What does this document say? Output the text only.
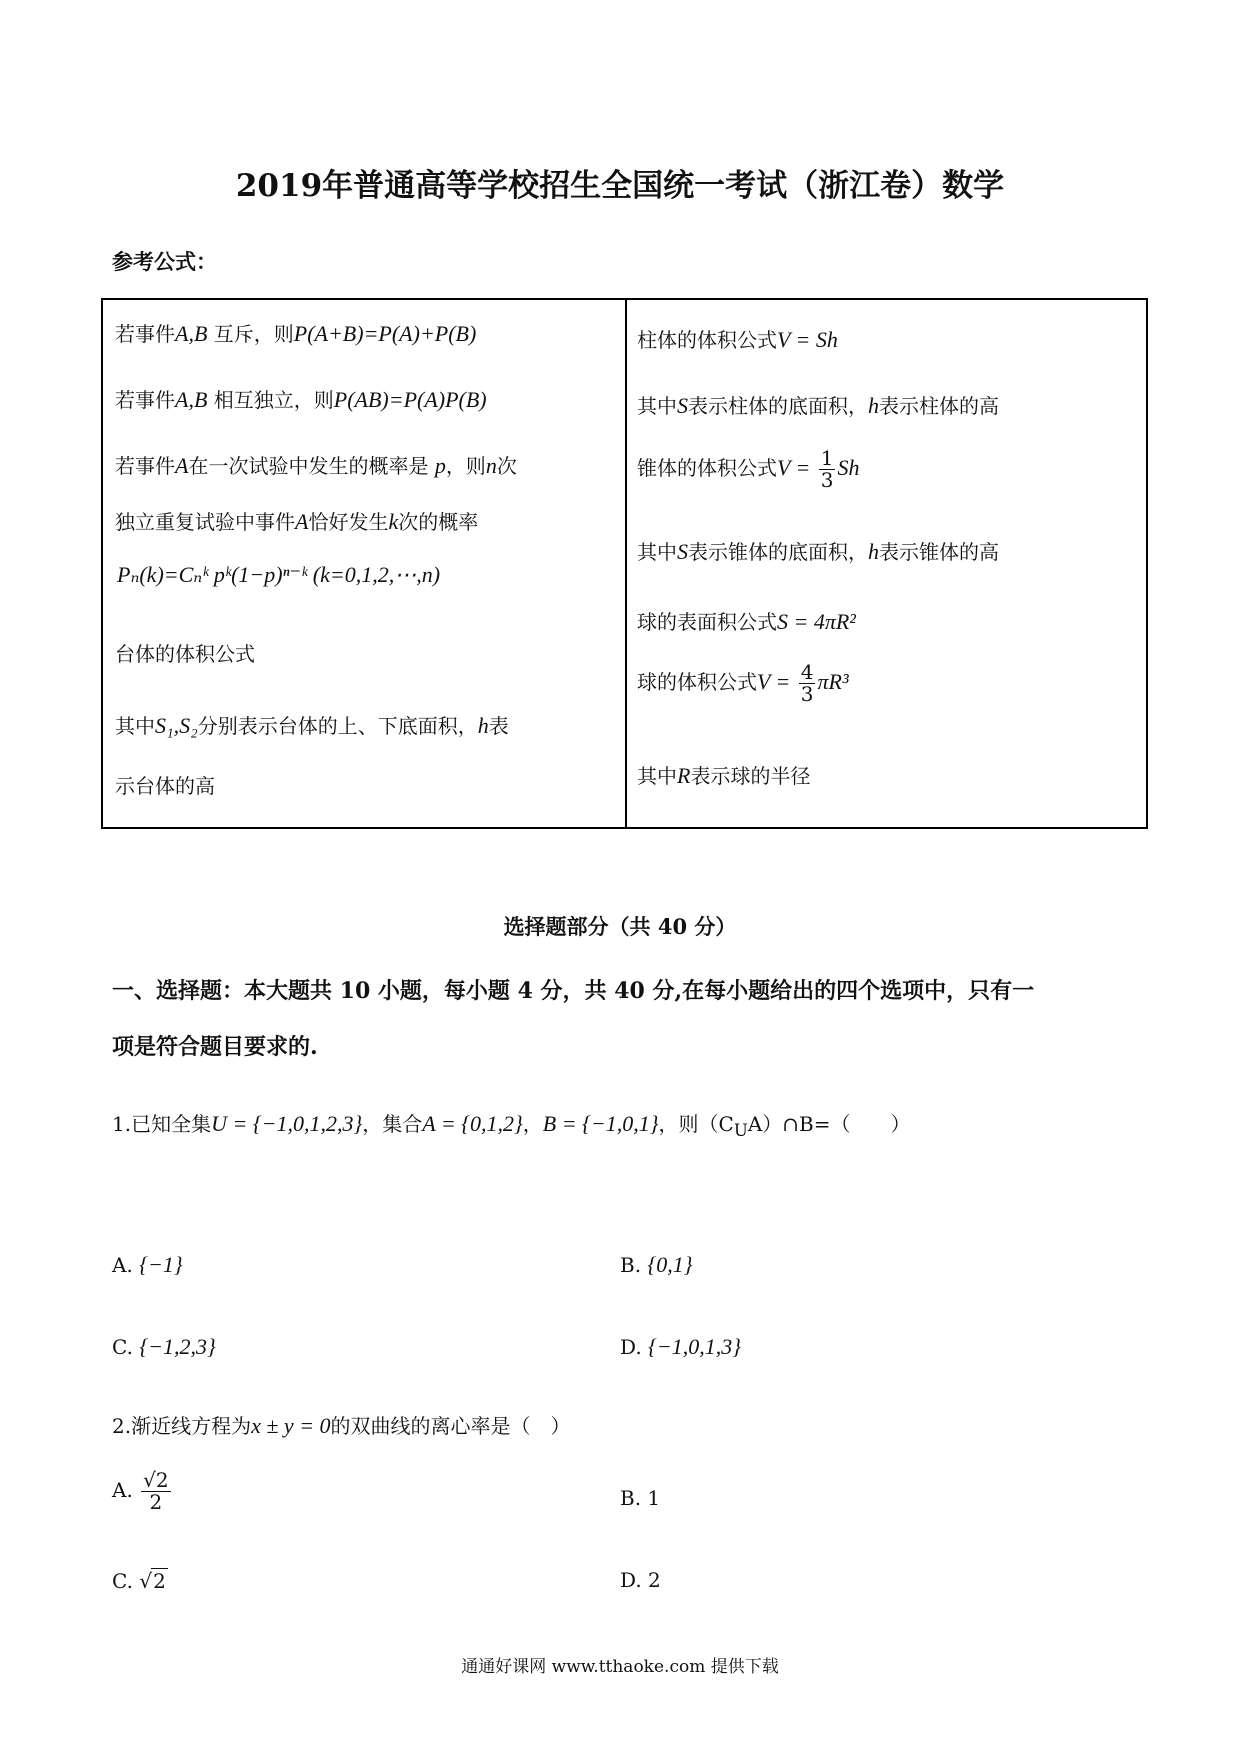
2019年普通高等学校招生全国统一考试（浙江卷）数学
参考公式：
若事件A,B 互斥，则P(A+B)=P(A)+P(B)
若事件A,B 相互独立，则P(AB)=P(A)P(B)
若事件A在一次试验中发生的概率是 p，则n次
独立重复试验中事件A恰好发生k次的概率
Pₙ(k)=Cₙᵏ pᵏ(1−p)ⁿ⁻ᵏ (k=0,1,2,⋯,n)
台体的体积公式
其中S₁,S₂分别表示台体的上、下底面积，h表
示台体的高
柱体的体积公式V = Sh
其中S表示柱体的底面积，h表示柱体的高
锥体的体积公式$V = \frac{1}{3}$ Sh
其中S表示锥体的底面积，h表示锥体的高
球的表面积公式S = 4πR²
球的体积公式$V = \frac{4}{3} \pi R^3$
其中R表示球的半径
选择题部分（共 40 分）
一、选择题：本大题共 10 小题，每小题 4 分，共 40 分,在每小题给出的四个选项中，只有一
项是符合题目要求的.
1.已知全集U = {−1,0,1,2,3}，集合A = {0,1,2}，B = {−1,0,1}，则$(C_UA)\cap B=$（　　）
A. {−1}	B. {0,1}
C. {−1,2,3}	D. {−1,0,1,3}
2.渐近线方程为x ± y = 0的双曲线的离心率是（　）
A. $\frac{√2}{2}$	B. 1
C. √2	D. 2
通通好课网 www.tthaoke.com 提供下载
